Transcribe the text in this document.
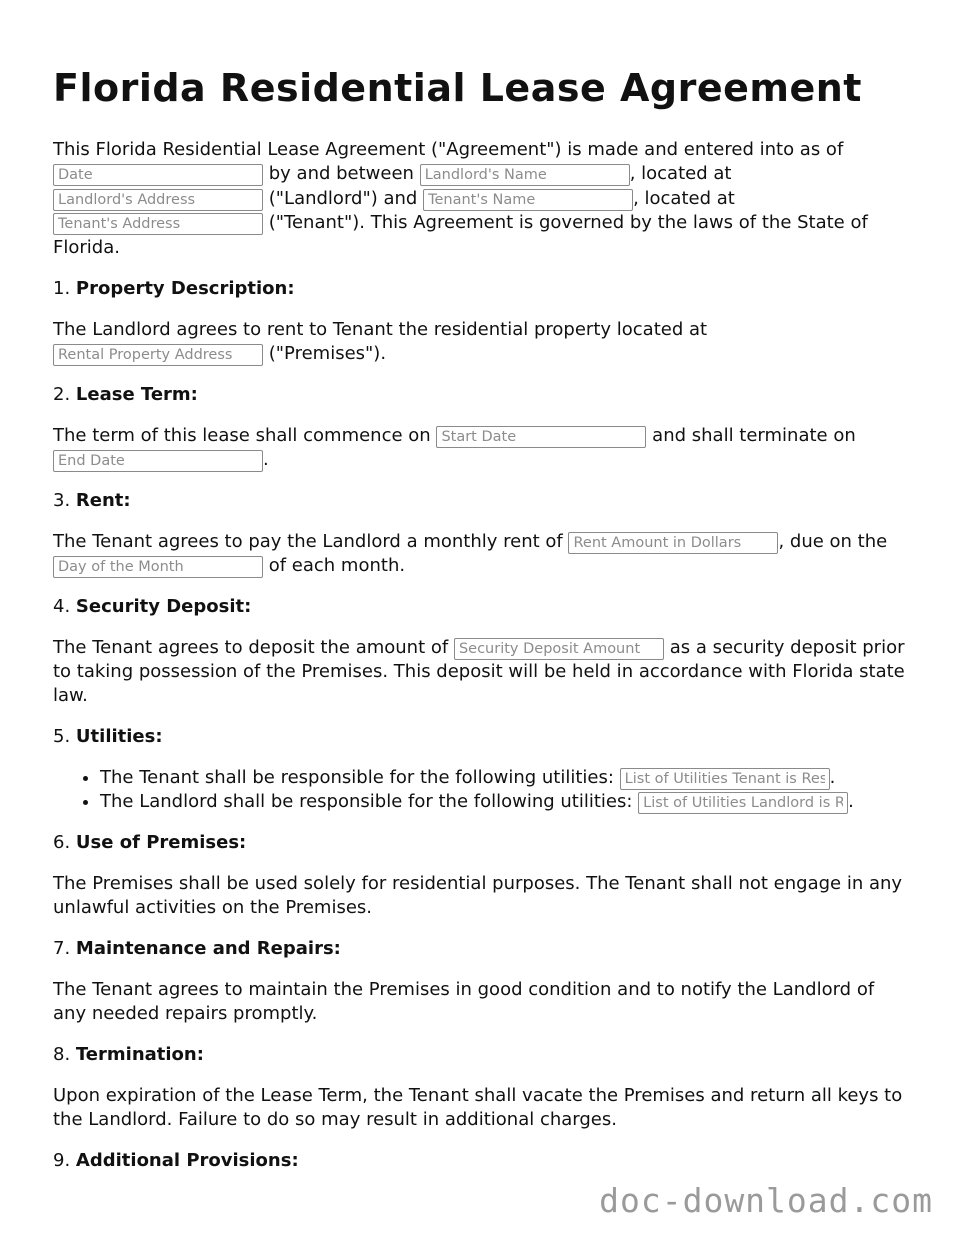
Florida Residential Lease Agreement

This Florida Residential Lease Agreement ("Agreement") is made and entered into as of Date by and between Landlord's Name	, located at Landlord's Address ("Landlord") and Tenant's Name	, located at Tenant's Address ("Tenant"). This Agreement is governed by the laws of the State of Florida.

1. Property Description:

The Landlord agrees to rent to Tenant the residential property located at Rental Property Address ("Premises").

2. Lease Term:

The term of this lease shall commence on Start Date	and shall terminate on End Date.

3. Rent:

The Tenant agrees to pay the Landlord a monthly rent of Rent Amount in Dollars	, due on the Day of the Month of each month.

4. Security Deposit:

The Tenant agrees to deposit the amount of Security Deposit Amount	as a security deposit prior to taking possession of the Premises. This deposit will be held in accordance with Florida state law.

5. Utilities:

• The Tenant shall be responsible for the following utilities: List of Utilities Tenant is Responsible For	.
• The Landlord shall be responsible for the following utilities: List of Utilities Landlord is Responsible For	.

6. Use of Premises:

The Premises shall be used solely for residential purposes. The Tenant shall not engage in any unlawful activities on the Premises.

7. Maintenance and Repairs:

The Tenant agrees to maintain the Premises in good condition and to notify the Landlord of any needed repairs promptly.

8. Termination:

Upon expiration of the Lease Term, the Tenant shall vacate the Premises and return all keys to the Landlord. Failure to do so may result in additional charges.

9. Additional Provisions:

doc-download.com
